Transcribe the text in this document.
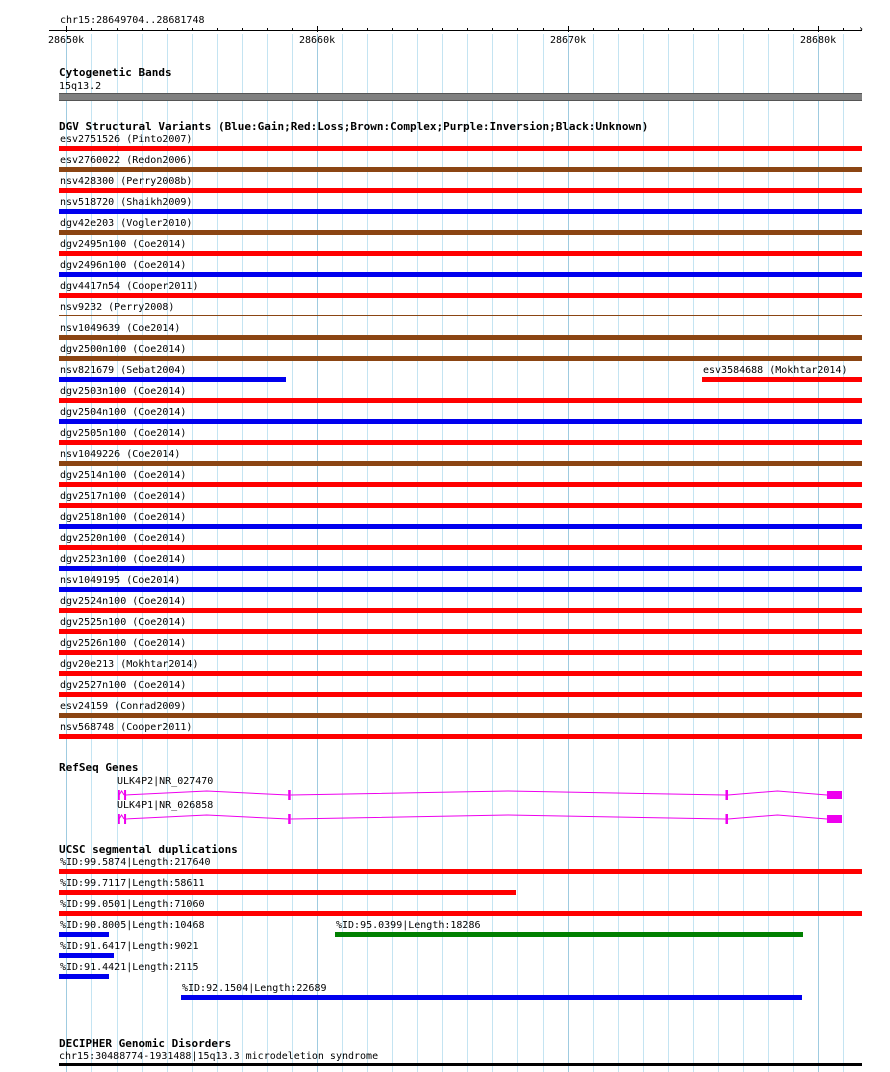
chr15:28649704..28681748
›
28650k	28660k	28670k	28680k
Cytogenetic Bands
15q13.2
DGV Structural Variants (Blue:Gain;Red:Loss;Brown:Complex;Purple:Inversion;Black:Unknown)
esv2751526 (Pinto2007)
esv2760022 (Redon2006)
nsv428300 (Perry2008b)
nsv518720 (Shaikh2009)
dgv42e203 (Vogler2010)
dgv2495n100 (Coe2014)
dgv2496n100 (Coe2014)
dgv4417n54 (Cooper2011)
nsv9232 (Perry2008)
nsv1049639 (Coe2014)
dgv2500n100 (Coe2014)
nsv821679 (Sebat2004)	esv3584688 (Mokhtar2014)
dgv2503n100 (Coe2014)
dgv2504n100 (Coe2014)
dgv2505n100 (Coe2014)
nsv1049226 (Coe2014)
dgv2514n100 (Coe2014)
dgv2517n100 (Coe2014)
dgv2518n100 (Coe2014)
dgv2520n100 (Coe2014)
dgv2523n100 (Coe2014)
nsv1049195 (Coe2014)
dgv2524n100 (Coe2014)
dgv2525n100 (Coe2014)
dgv2526n100 (Coe2014)
dgv20e213 (Mokhtar2014)
dgv2527n100 (Coe2014)
esv24159 (Conrad2009)
nsv568748 (Cooper2011)
RefSeq Genes
ULK4P2|NR_027470
ULK4P1|NR_026858
UCSC segmental duplications
%ID:99.5874|Length:217640
%ID:99.7117|Length:58611
%ID:99.0501|Length:71060
%ID:90.8005|Length:10468	%ID:95.0399|Length:18286
%ID:91.6417|Length:9021
%ID:91.4421|Length:2115
%ID:92.1504|Length:22689
DECIPHER Genomic Disorders
chr15:30488774-1931488|15q13.3 microdeletion syndrome
